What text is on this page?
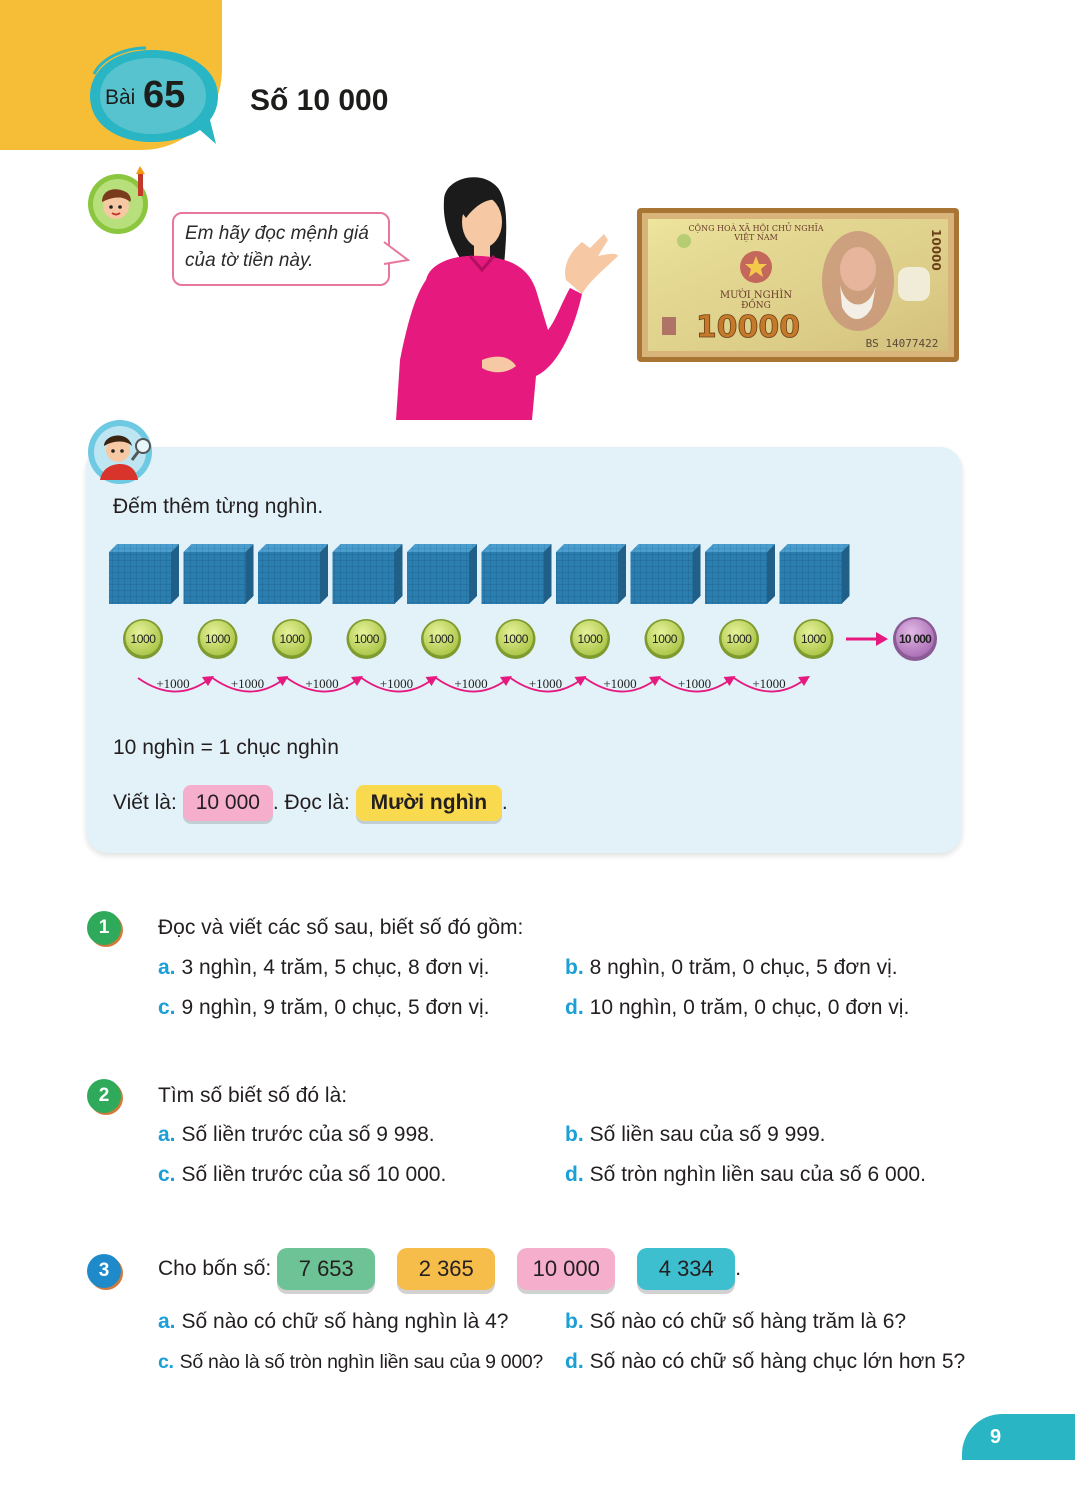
Bài 65 Số 10 000
Em hãy đọc mệnh giá
của tờ tiền này.
CỘNG HOÀ XÃ HỘI CHỦ NGHĨA
VIỆT NAM
MƯỜI NGHÌN
ĐỒNG
10000
10000
BS 14077422
Đếm thêm từng nghìn.
1000	1000	1000	1000	1000	1000	1000	1000	1000	1000
+1000	+1000	+1000	+1000	+1000	+1000	+1000	+1000	+1000
10 000
10 nghìn = 1 chục nghìn
Viết là: 10 000 . Đọc là: Mười nghìn .
1	Đọc và viết các số sau, biết số đó gồm:
a. 3 nghìn, 4 trăm, 5 chục, 8 đơn vị.	b. 8 nghìn, 0 trăm, 0 chục, 5 đơn vị.
c. 9 nghìn, 9 trăm, 0 chục, 5 đơn vị.	d. 10 nghìn, 0 trăm, 0 chục, 0 đơn vị.
2	Tìm số biết số đó là:
a. Số liền trước của số 9 998.	b. Số liền sau của số 9 999.
c. Số liền trước của số 10 000.	d. Số tròn nghìn liền sau của số 6 000.
3	Cho bốn số:	7 653	2 365	10 000	4 334	.
a. Số nào có chữ số hàng nghìn là 4?	b. Số nào có chữ số hàng trăm là 6?
c. Số nào là số tròn nghìn liền sau của 9 000? d. Số nào có chữ số hàng chục lớn hơn 5?
9
